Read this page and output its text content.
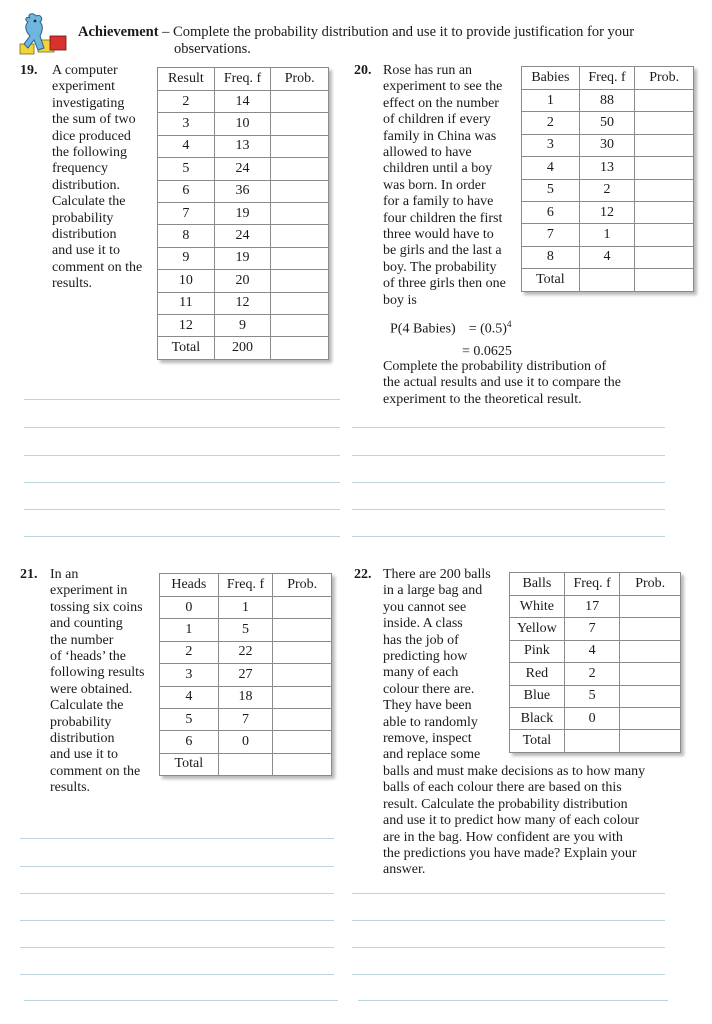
Achievement – Complete the probability distribution and use it to provide justification for your
observations.
19. A computer

experiment

investigating

the sum of two

dice produced

the following

frequency

distribution.

Calculate the

probability

distribution

and use it to

comment on the

results.

Result	Freq. f	Prob.
2	14	
3	10	
4	13	
5	24	
6	36	
7	19	
8	24	
9	19	
10	20	
11	12	
12	9	
Total	200	
20. Rose has run an

experiment to see the

effect on the number

of children if every

family in China was

allowed to have

children until a boy

was born. In order

for a family to have

four children the first

three would have to

be girls and the last a

boy. The probability

of three girls then one

boy is

P(4 Babies) = $(0.5)^4$
= 0.0625

Complete the probability distribution of

the actual results and use it to compare the

experiment to the theoretical result.

Babies	Freq. f	Prob.
1	88	
2	50	
3	30	
4	13	
5	2	
6	12	
7	1	
8	4	
Total		
21. In an

experiment in

tossing six coins

and counting

the number

of ‘heads’ the

following results

were obtained.

Calculate the

probability

distribution

and use it to

comment on the

results.

Heads	Freq. f	Prob.
0	1	
1	5	
2	22	
3	27	
4	18	
5	7	
6	0	
Total		
22. There are 200 balls

in a large bag and

you cannot see

inside. A class

has the job of

predicting how

many of each

colour there are.

They have been

able to randomly

remove, inspect

and replace some

balls and must make decisions as to how many

balls of each colour there are based on this

result. Calculate the probability distribution

and use it to predict how many of each colour

are in the bag. How confident are you with

the predictions you have made? Explain your

answer.

Balls	Freq. f	Prob.
White	17	
Yellow	7	
Pink	4	
Red	2	
Blue	5	
Black	0	
Total		
